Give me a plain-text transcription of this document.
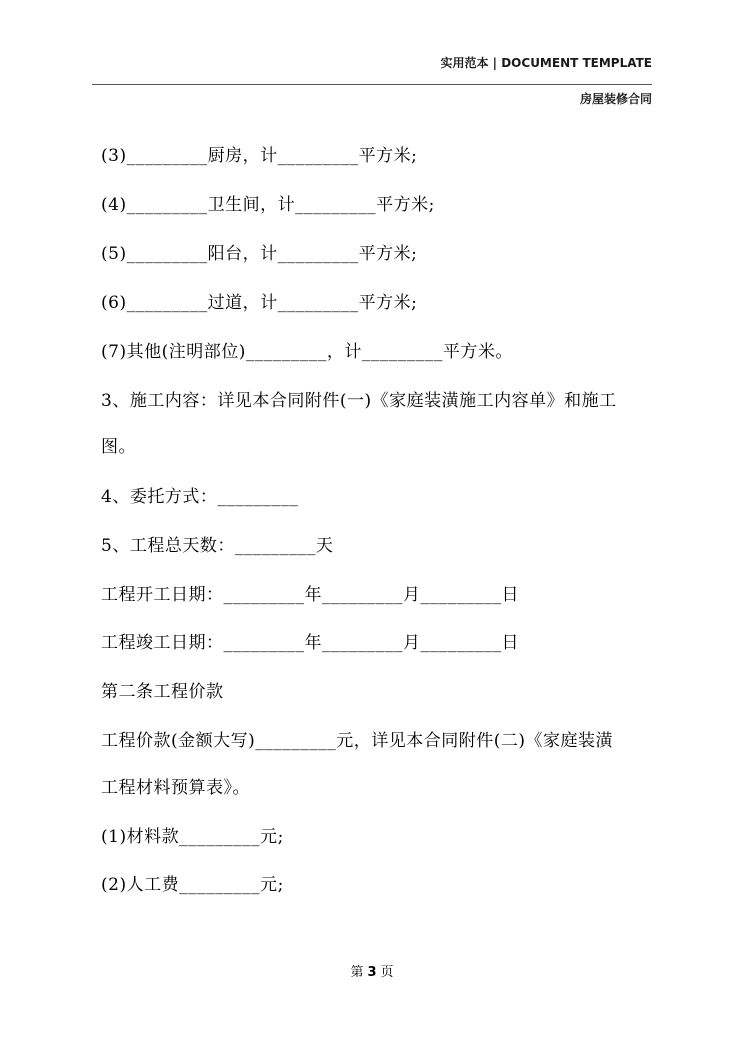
实用范本 | DOCUMENT TEMPLATE
房屋装修合同
(3)_________厨房，计_________平方米;
(4)_________卫生间，计_________平方米;
(5)_________阳台，计_________平方米;
(6)_________过道，计_________平方米;
(7)其他(注明部位)_________，计_________平方米。
3、施工内容：详见本合同附件(一)《家庭装潢施工内容单》和施工
图。
4、委托方式：_________
5、工程总天数：_________天
工程开工日期：_________年_________月_________日
工程竣工日期：_________年_________月_________日
第二条工程价款
工程价款(金额大写)_________元，详见本合同附件(二)《家庭装潢
工程材料预算表》。
(1)材料款_________元;
(2)人工费_________元;
第 3 页
